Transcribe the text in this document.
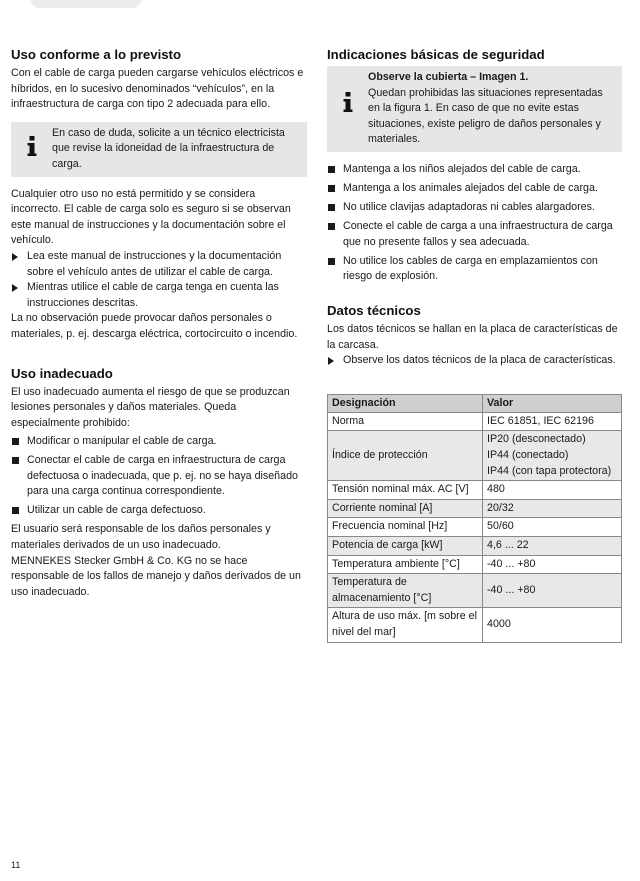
Uso conforme a lo previsto

Con el cable de carga pueden cargarse vehículos eléctricos e híbridos, en lo sucesivo denominados “vehículos”, en la infraestructura de carga con tipo 2 adecuada para ello.

En caso de duda, solicite a un técnico electricista que revise la idoneidad de la infraestructura de carga.

Cualquier otro uso no está permitido y se considera incorrecto. El cable de carga solo es seguro si se observan este manual de instrucciones y la documentación sobre el vehículo.

Lea este manual de instrucciones y la documentación sobre el vehículo antes de utilizar el cable de carga.
Mientras utilice el cable de carga tenga en cuenta las instrucciones descritas.

La no observación puede provocar daños personales o materiales, p. ej. descarga eléctrica, cortocircuito o incendio.

Uso inadecuado

El uso inadecuado aumenta el riesgo de que se produzcan lesiones personales y daños materiales. Queda especialmente prohibido:

Modificar o manipular el cable de carga.
Conectar el cable de carga en infraestructura de carga defectuosa o inadecuada, que p. ej. no se haya diseñado para una carga continua correspondiente.
Utilizar un cable de carga defectuoso.

El usuario será responsable de los daños personales y materiales derivados de un uso inadecuado.

MENNEKES Stecker GmbH & Co. KG no se hace responsable de los fallos de manejo y daños derivados de un uso inadecuado.

Indicaciones básicas de seguridad
Observe la cubierta – Imagen 1.
Quedan prohibidas las situaciones representadas en la figura 1. En caso de que no evite estas situaciones, existe peligro de daños personales y materiales.
Mantenga a los niños alejados del cable de carga.
Mantenga a los animales alejados del cable de carga.
No utilice clavijas adaptadoras ni cables alargadores.
Conecte el cable de carga a una infraestructura de carga que no presente fallos y sea adecuada.
No utilice los cables de carga en emplazamientos con riesgo de explosión.
Datos técnicos

Los datos técnicos se hallan en la placa de características de la carcasa.

Observe los datos técnicos de la placa de características.
Designación	Valor
Norma	IEC 61851, IEC 62196

Índice de protección	IP20 (desconectado)
IP44 (conectado)
IP44 (con tapa protectora)

Tensión nominal máx. AC [V]	480

Corriente nominal [A]	20/32

Frecuencia nominal [Hz]	50/60

Potencia de carga [kW]	4,6 ... 22

Temperatura ambiente [°C]	-40 ... +80

Temperatura de almacenamiento [°C]	-40 ... +80

Altura de uso máx. [m sobre el nivel del mar]	4000
11
